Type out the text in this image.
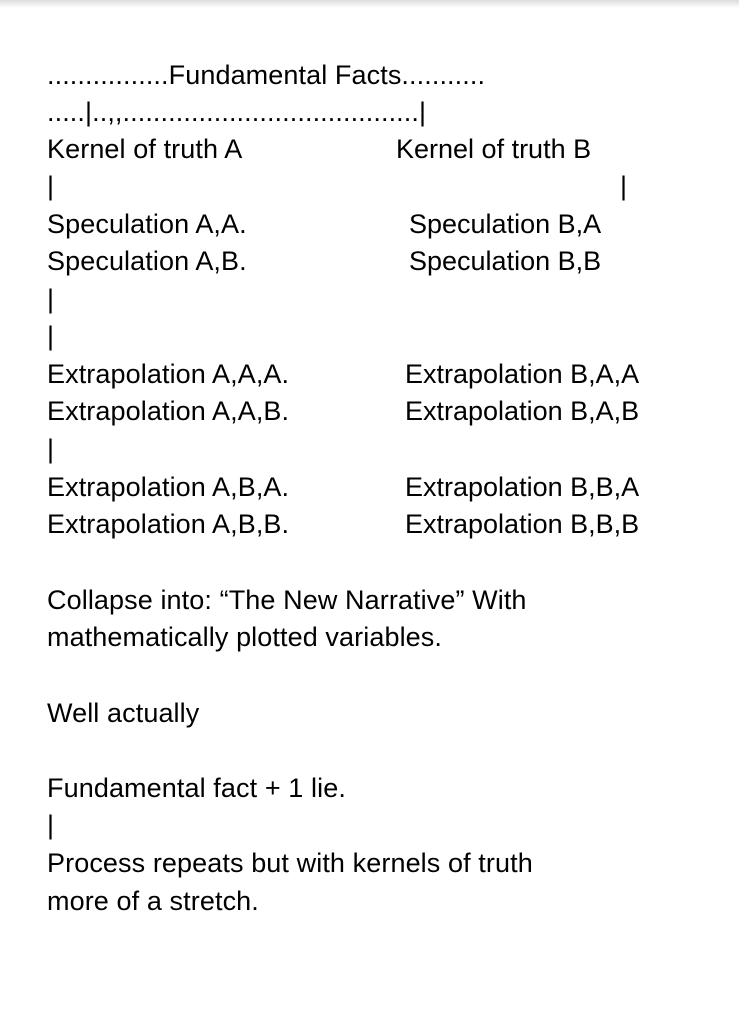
................Fundamental Facts...........
.....|..,,.......................................|
Kernel of truth A	Kernel of truth B
|	|
Speculation A,A.	Speculation B,A
Speculation A,B.	Speculation B,B
|
|
Extrapolation A,A,A.	Extrapolation B,A,A
Extrapolation A,A,B.	Extrapolation B,A,B
|
Extrapolation A,B,A.	Extrapolation B,B,A
Extrapolation A,B,B.	Extrapolation B,B,B
Collapse into: “The New Narrative” With
mathematically plotted variables.
Well actually
Fundamental fact + 1 lie.
|
Process repeats but with kernels of truth
more of a stretch.
